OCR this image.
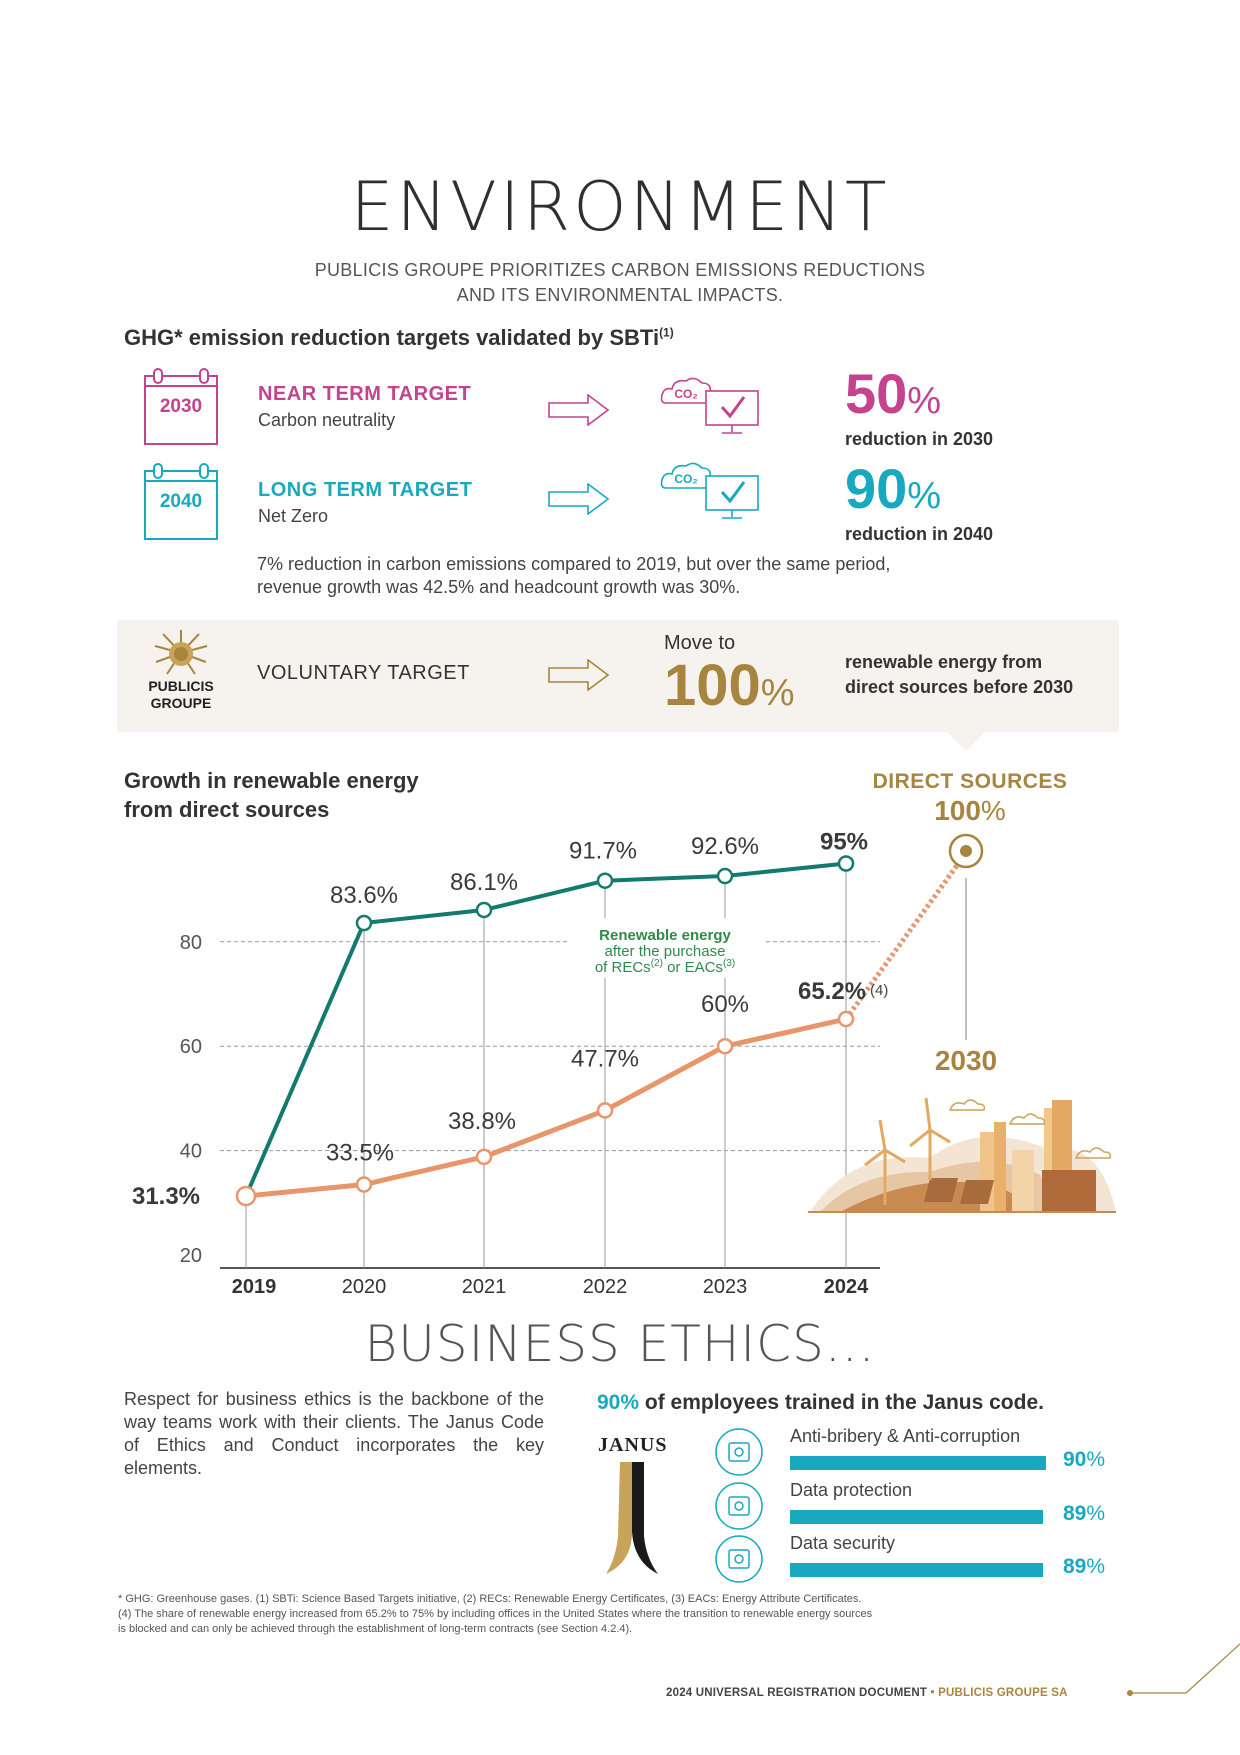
ENVIRONMENT
PUBLICIS GROUPE PRIORITIZES CARBON EMISSIONS REDUCTIONS
AND ITS ENVIRONMENTAL IMPACTS.
GHG* emission reduction targets validated by SBTi$^{(1)}$
2030
NEAR TERM TARGET
Carbon neutrality
CO₂	50%
reduction in 2030
2040
LONG TERM TARGET
Net Zero
CO₂	90%
reduction in 2040
7% reduction in carbon emissions compared to 2019, but over the same period,
revenue growth was 42.5% and headcount growth was 30%.
PUBLICIS
GROUPE
VOLUNTARY TARGET
Move to
100%
renewable energy from
direct sources before 2030
Growth in renewable energy
from direct sources
DIRECT SOURCES
100%
20
40
60
80
2019	2020	2021	2022	2023	2024
83.6% 86.1%
91.7% 92.6%	95%
31.3%
33.5%
38.8%
47.7%
60% 65.2%
2030
Renewable energy
after the purchase
of RECs$^{(2)}$ or EACs$^{(3)}$
(4)
BUSINESS ETHICS...
Respect for business ethics is the backbone of the way teams work with their clients. The Janus Code of Ethics and Conduct incorporates the key elements.
90% of employees trained in the Janus code.
JANUS	Anti-bribery & Anti-corruption
90%
Data protection
89%
Data security
89%
* GHG: Greenhouse gases. (1) SBTi: Science Based Targets initiative, (2) RECs: Renewable Energy Certificates, (3) EACs: Energy Attribute Certificates.
(4) The share of renewable energy increased from 65.2% to 75% by including offices in the United States where the transition to renewable energy sources
is blocked and can only be achieved through the establishment of long-term contracts (see Section 4.2.4).
2024 UNIVERSAL REGISTRATION DOCUMENT • PUBLICIS GROUPE SA
